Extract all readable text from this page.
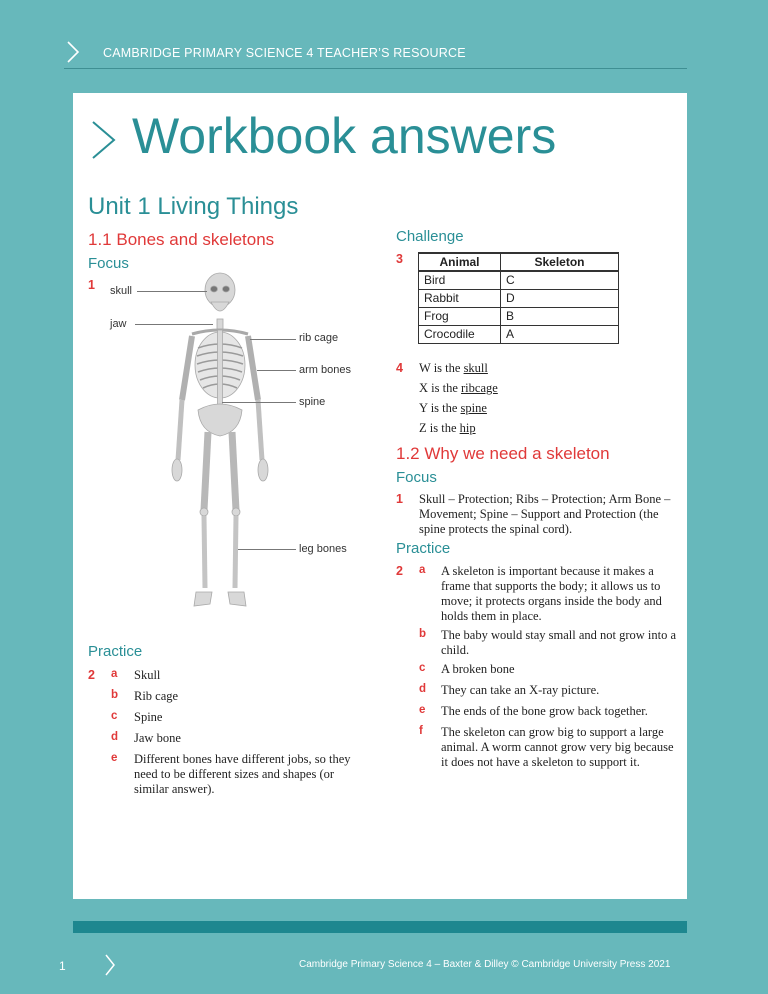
CAMBRIDGE PRIMARY SCIENCE 4 TEACHER’S RESOURCE
Workbook answers
Unit 1 Living Things
1.1 Bones and skeletons
Focus
1 skull
jaw
rib cage
arm bones
spine
leg bones
Practice
2 a Skull
b Rib cage
c Spine
d Jaw bone
e Different bones have different jobs, so they need to be different sizes and shapes (or similar answer).
Challenge
3	Animal	Skeleton
Bird	C
Rabbit	D
Frog	B
Crocodile	A
4 W is the skull
X is the ribcage
Y is the spine
Z is the hip
1.2 Why we need a skeleton
Focus
1 Skull – Protection; Ribs – Protection; Arm Bone – Movement; Spine – Support and Protection (the spine protects the spinal cord).
Practice
2 a A skeleton is important because it makes a frame that supports the body; it allows us to move; it protects organs inside the body and holds them in place.
b The baby would stay small and not grow into a child.
c A broken bone
d They can take an X-ray picture.
e The ends of the bone grow back together.
f The skeleton can grow big to support a large animal. A worm cannot grow very big because it does not have a skeleton to support it.
1	Cambridge Primary Science 4 – Baxter & Dilley © Cambridge University Press 2021
